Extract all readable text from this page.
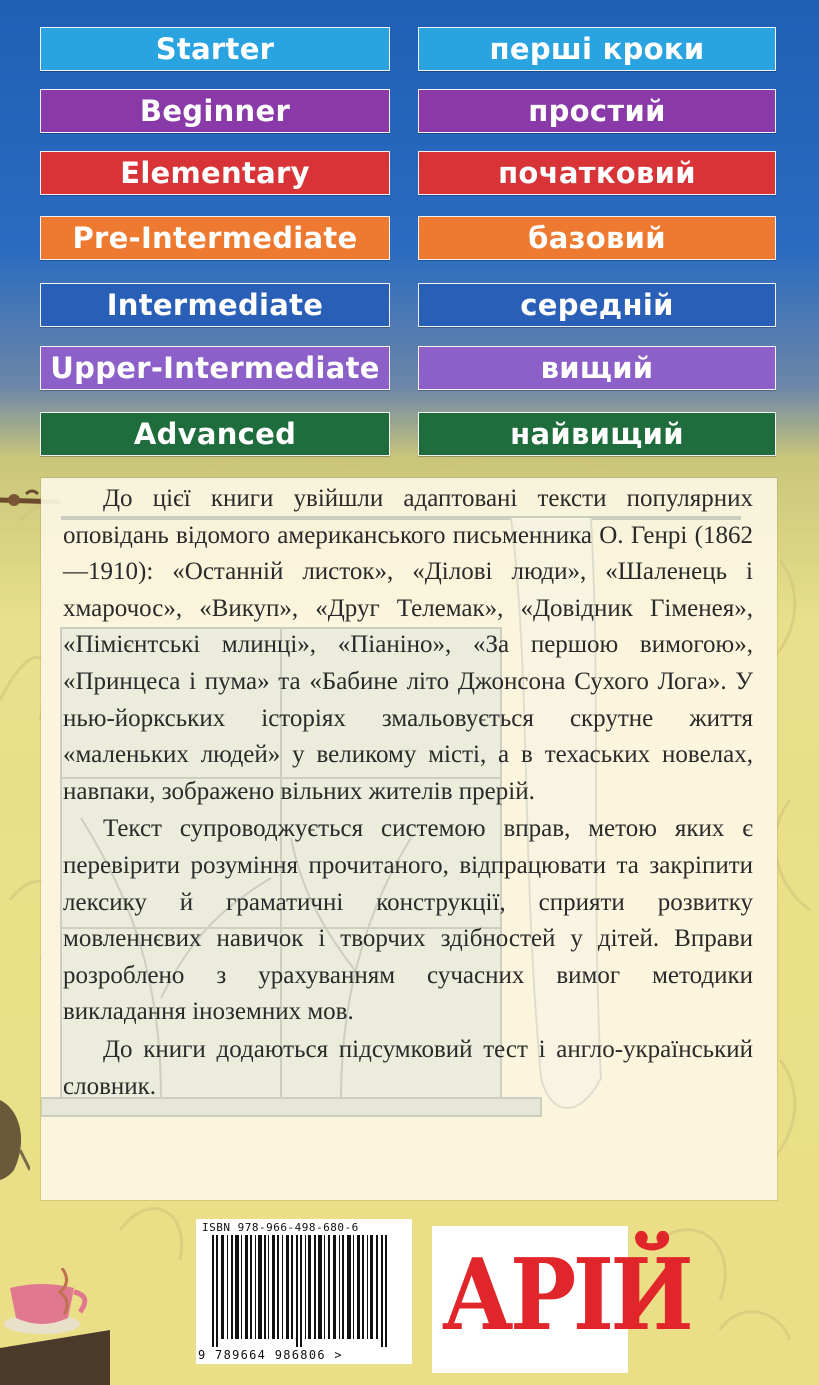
Starter	перші кроки
Beginner	простий
Elementary	початковий
Pre-Intermediate	базовий
Intermediate	середній
Upper-Intermediate	вищий
Advanced	найвищий

До цієї книги увійшли адаптовані тексти популярних оповідань відомого американського письменника О. Генрі (1862—1910): «Останній листок», «Ділові люди», «Шаленець і хмарочос», «Викуп», «Друг Телемак», «Довідник Гіменея», «Пімієнтські млинці», «Піаніно», «За першою вимогою», «Принцеса і пума» та «Бабине літо Джонсона Сухого Лога». У нью-йоркських історіях змальовується скрутне життя «маленьких людей» у великому місті, а в техаських новелах, навпаки, зображено вільних жителів прерій.

Текст супроводжується системою вправ, метою яких є перевірити розуміння прочитаного, відпрацювати та закріпити лексику й граматичні конструкції, сприяти розвитку мовленнєвих навичок і творчих здібностей у дітей. Вправи розроблено з урахуванням сучасних вимог методики викладання іноземних мов.

До книги додаються підсумковий тест і англо-український словник.

ISBN 978-966-498-680-6
9 789664 986806 >
АРІЙ
